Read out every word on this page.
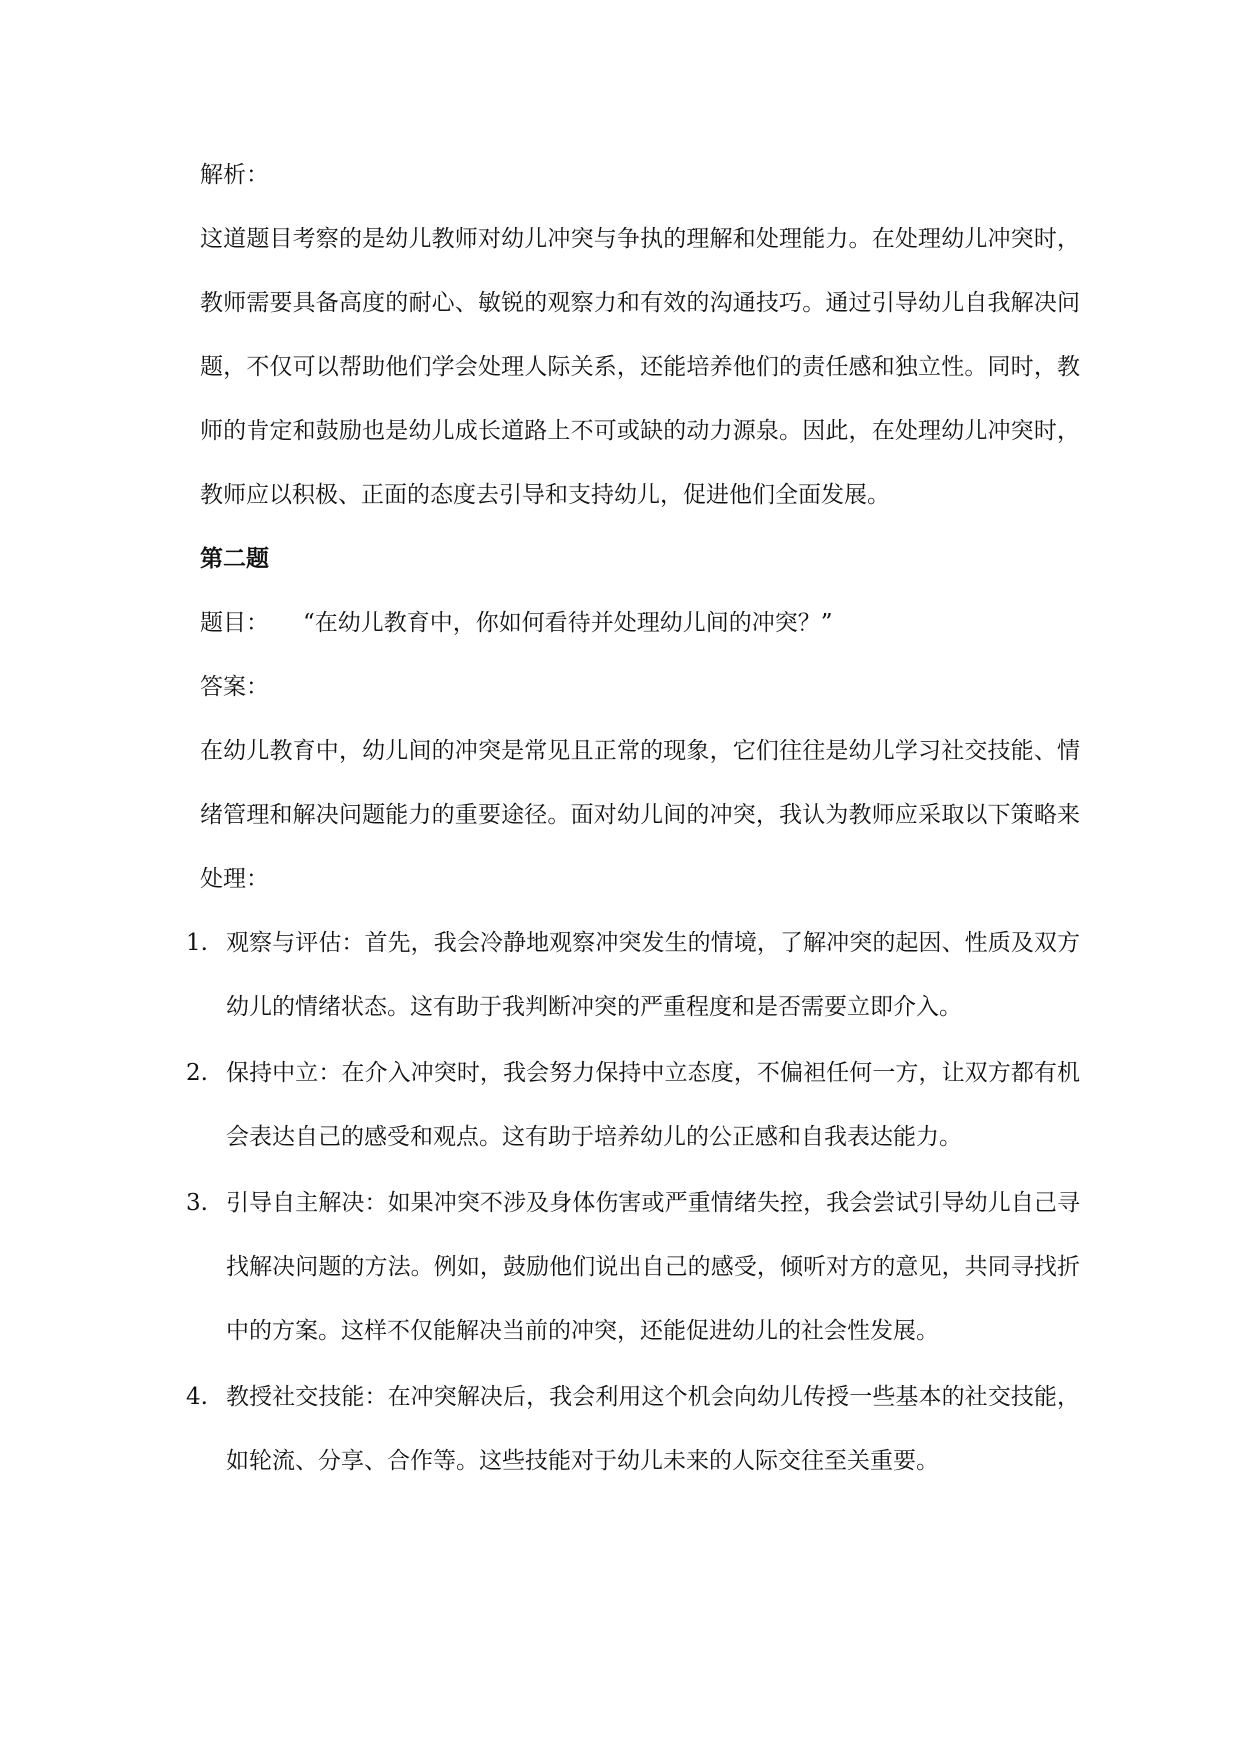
解析：

这道题目考察的是幼儿教师对幼儿冲突与争执的理解和处理能力。在处理幼儿冲突时，教师需要具备高度的耐心、敏锐的观察力和有效的沟通技巧。通过引导幼儿自我解决问题，不仅可以帮助他们学会处理人际关系，还能培养他们的责任感和独立性。同时，教师的肯定和鼓励也是幼儿成长道路上不可或缺的动力源泉。因此，在处理幼儿冲突时，教师应以积极、正面的态度去引导和支持幼儿，促进他们全面发展。

第二题

题目： “在幼儿教育中，你如何看待并处理幼儿间的冲突？”

答案：

在幼儿教育中，幼儿间的冲突是常见且正常的现象，它们往往是幼儿学习社交技能、情绪管理和解决问题能力的重要途径。面对幼儿间的冲突，我认为教师应采取以下策略来处理：

1. 观察与评估：首先，我会冷静地观察冲突发生的情境，了解冲突的起因、性质及双方幼儿的情绪状态。这有助于我判断冲突的严重程度和是否需要立即介入。
2. 保持中立：在介入冲突时，我会努力保持中立态度，不偏袒任何一方，让双方都有机会表达自己的感受和观点。这有助于培养幼儿的公正感和自我表达能力。
3. 引导自主解决：如果冲突不涉及身体伤害或严重情绪失控，我会尝试引导幼儿自己寻找解决问题的方法。例如，鼓励他们说出自己的感受，倾听对方的意见，共同寻找折中的方案。这样不仅能解决当前的冲突，还能促进幼儿的社会性发展。
4. 教授社交技能：在冲突解决后，我会利用这个机会向幼儿传授一些基本的社交技能，如轮流、分享、合作等。这些技能对于幼儿未来的人际交往至关重要。
